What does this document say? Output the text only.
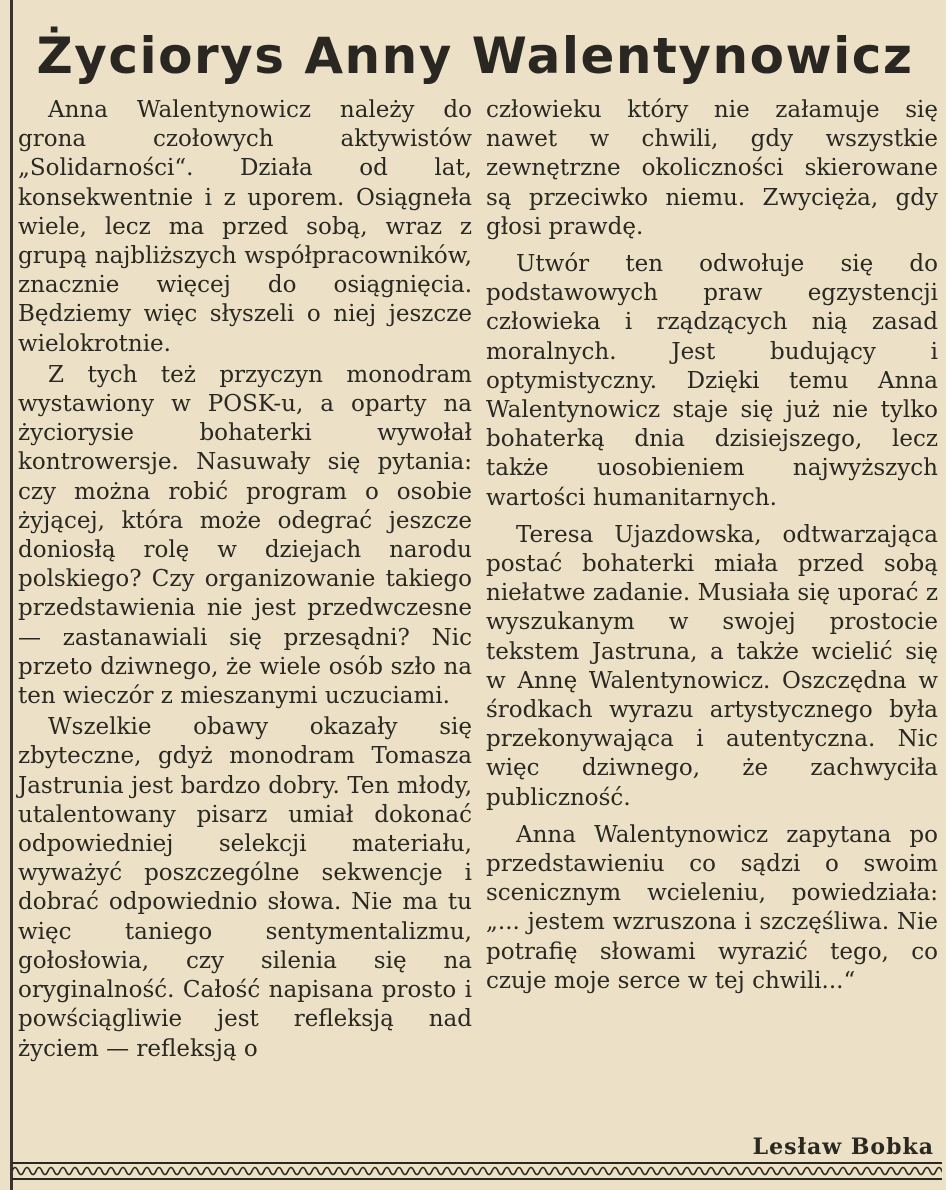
Życiorys Anny Walentynowicz

Anna Walentynowicz należy do grona czołowych aktywistów „Solidarności“. Działa od lat, konsekwentnie i z uporem. Osiągneła wiele, lecz ma przed sobą, wraz z grupą najbliższych współpracowników, znacznie więcej do osiągnięcia. Będziemy więc słyszeli o niej jeszcze wielokrotnie.

Z tych też przyczyn monodram wystawiony w POSK-u, a oparty na życiorysie bohaterki wywołał kontrowersje. Nasuwały się pytania: czy można robić program o osobie żyjącej, która może odegrać jeszcze doniosłą rolę w dziejach narodu polskiego? Czy organizowanie takiego przedstawienia nie jest przedwczesne — zastanawiali się przesądni? Nic przeto dziwnego, że wiele osób szło na ten wieczór z mieszanymi uczuciami.

Wszelkie obawy okazały się zbyteczne, gdyż monodram Tomasza Jastrunia jest bardzo dobry. Ten młody, utalentowany pisarz umiał dokonać odpowiedniej selekcji materiału, wyważyć poszczególne sekwencje i dobrać odpowiednio słowa. Nie ma tu więc taniego sentymentalizmu, gołosłowia, czy silenia się na oryginalność. Całość napisana prosto i powściągliwie jest refleksją nad życiem — refleksją o

człowieku który nie załamuje się nawet w chwili, gdy wszystkie zewnętrzne okoliczności skierowane są przeciwko niemu. Zwycięża, gdy głosi prawdę.

Utwór ten odwołuje się do podstawowych praw egzystencji człowieka i rządzących nią zasad moralnych. Jest budujący i optymistyczny. Dzięki temu Anna Walentynowicz staje się już nie tylko bohaterką dnia dzisiejszego, lecz także uosobieniem najwyższych wartości humanitarnych.

Teresa Ujazdowska, odtwarzająca postać bohaterki miała przed sobą niełatwe zadanie. Musiała się uporać z wyszukanym w swojej prostocie tekstem Jastruna, a także wcielić się w Annę Walentynowicz. Oszczędna w środkach wyrazu artystycznego była przekonywająca i autentyczna. Nic więc dziwnego, że zachwyciła publiczność.

Anna Walentynowicz zapytana po przedstawieniu co sądzi o swoim scenicznym wcieleniu, powiedziała: „... jestem wzruszona i szczęśliwa. Nie potrafię słowami wyrazić tego, co czuje moje serce w tej chwili...“

Lesław Bobka
